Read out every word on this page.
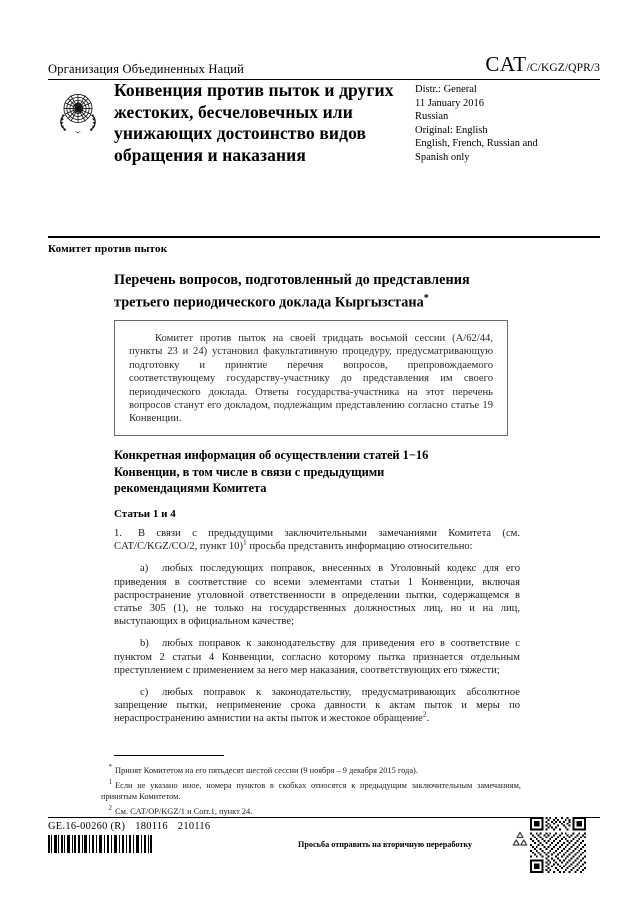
Организация Объединенных Наций	CAT /C/KGZ/QPR/3
Конвенция против пыток и других жестоких, бесчеловечных или унижающих достоинство видов обращения и наказания
Distr.: General
11 January 2016
Russian
Original: English
English, French, Russian and
Spanish only
Комитет против пыток
Перечень вопросов, подготовленный до представления
третьего периодического доклада Кыргызстана*

Комитет против пыток на своей тридцать восьмой сессии (A/62/44, пункты 23 и 24) установил факультативную процедуру, предусматривающую подготовку и принятие перечня вопросов, препровождаемого соответствующему государству-участнику до представления им своего периодического доклада. Ответы государства-участника на этот перечень вопросов станут его докладом, подлежащим представлению согласно статье 19 Конвенции.

Конкретная информация об осуществлении статей 1−16
Конвенции, в том числе в связи с предыдущими
рекомендациями Комитета
Статьи 1 и 4

1. В связи с предыдущими заключительными замечаниями Комитета (см. CAT/C/KGZ/CO/2, пункт 10)$^1$ просьба представить информацию относительно:

a) любых последующих поправок, внесенных в Уголовный кодекс для его приведения в соответствие со всеми элементами статьи 1 Конвенции, включая распространение уголовной ответственности в определении пытки, содержащемся в статье 305 (1), не только на государственных должностных лиц, но и на лиц, выступающих в официальном качестве;

b) любых поправок к законодательству для приведения его в соответствие с пунктом 2 статьи 4 Конвенции, согласно которому пытка признается отдельным преступлением с применением за него мер наказания, соответствующих его тяжести;

c) любых поправок к законодательству, предусматривающих абсолютное запрещение пытки, неприменение срока давности к актам пыток и меры по нераспространению амнистии на акты пыток и жестокое обращение$^2$.

* Принят Комитетом на его пятьдесят шестой сессии (9 ноября – 9 декабря 2015 года).
1 Если не указано иное, номера пунктов в скобках относятся к предыдущим заключительным замечаниям, принятым Комитетом.
2 См. CAT/OP/KGZ/1 и Corr.1, пункт 24.
GE.16-00260 (R) 180116 210116
Просьба отправить на вторичную переработку
